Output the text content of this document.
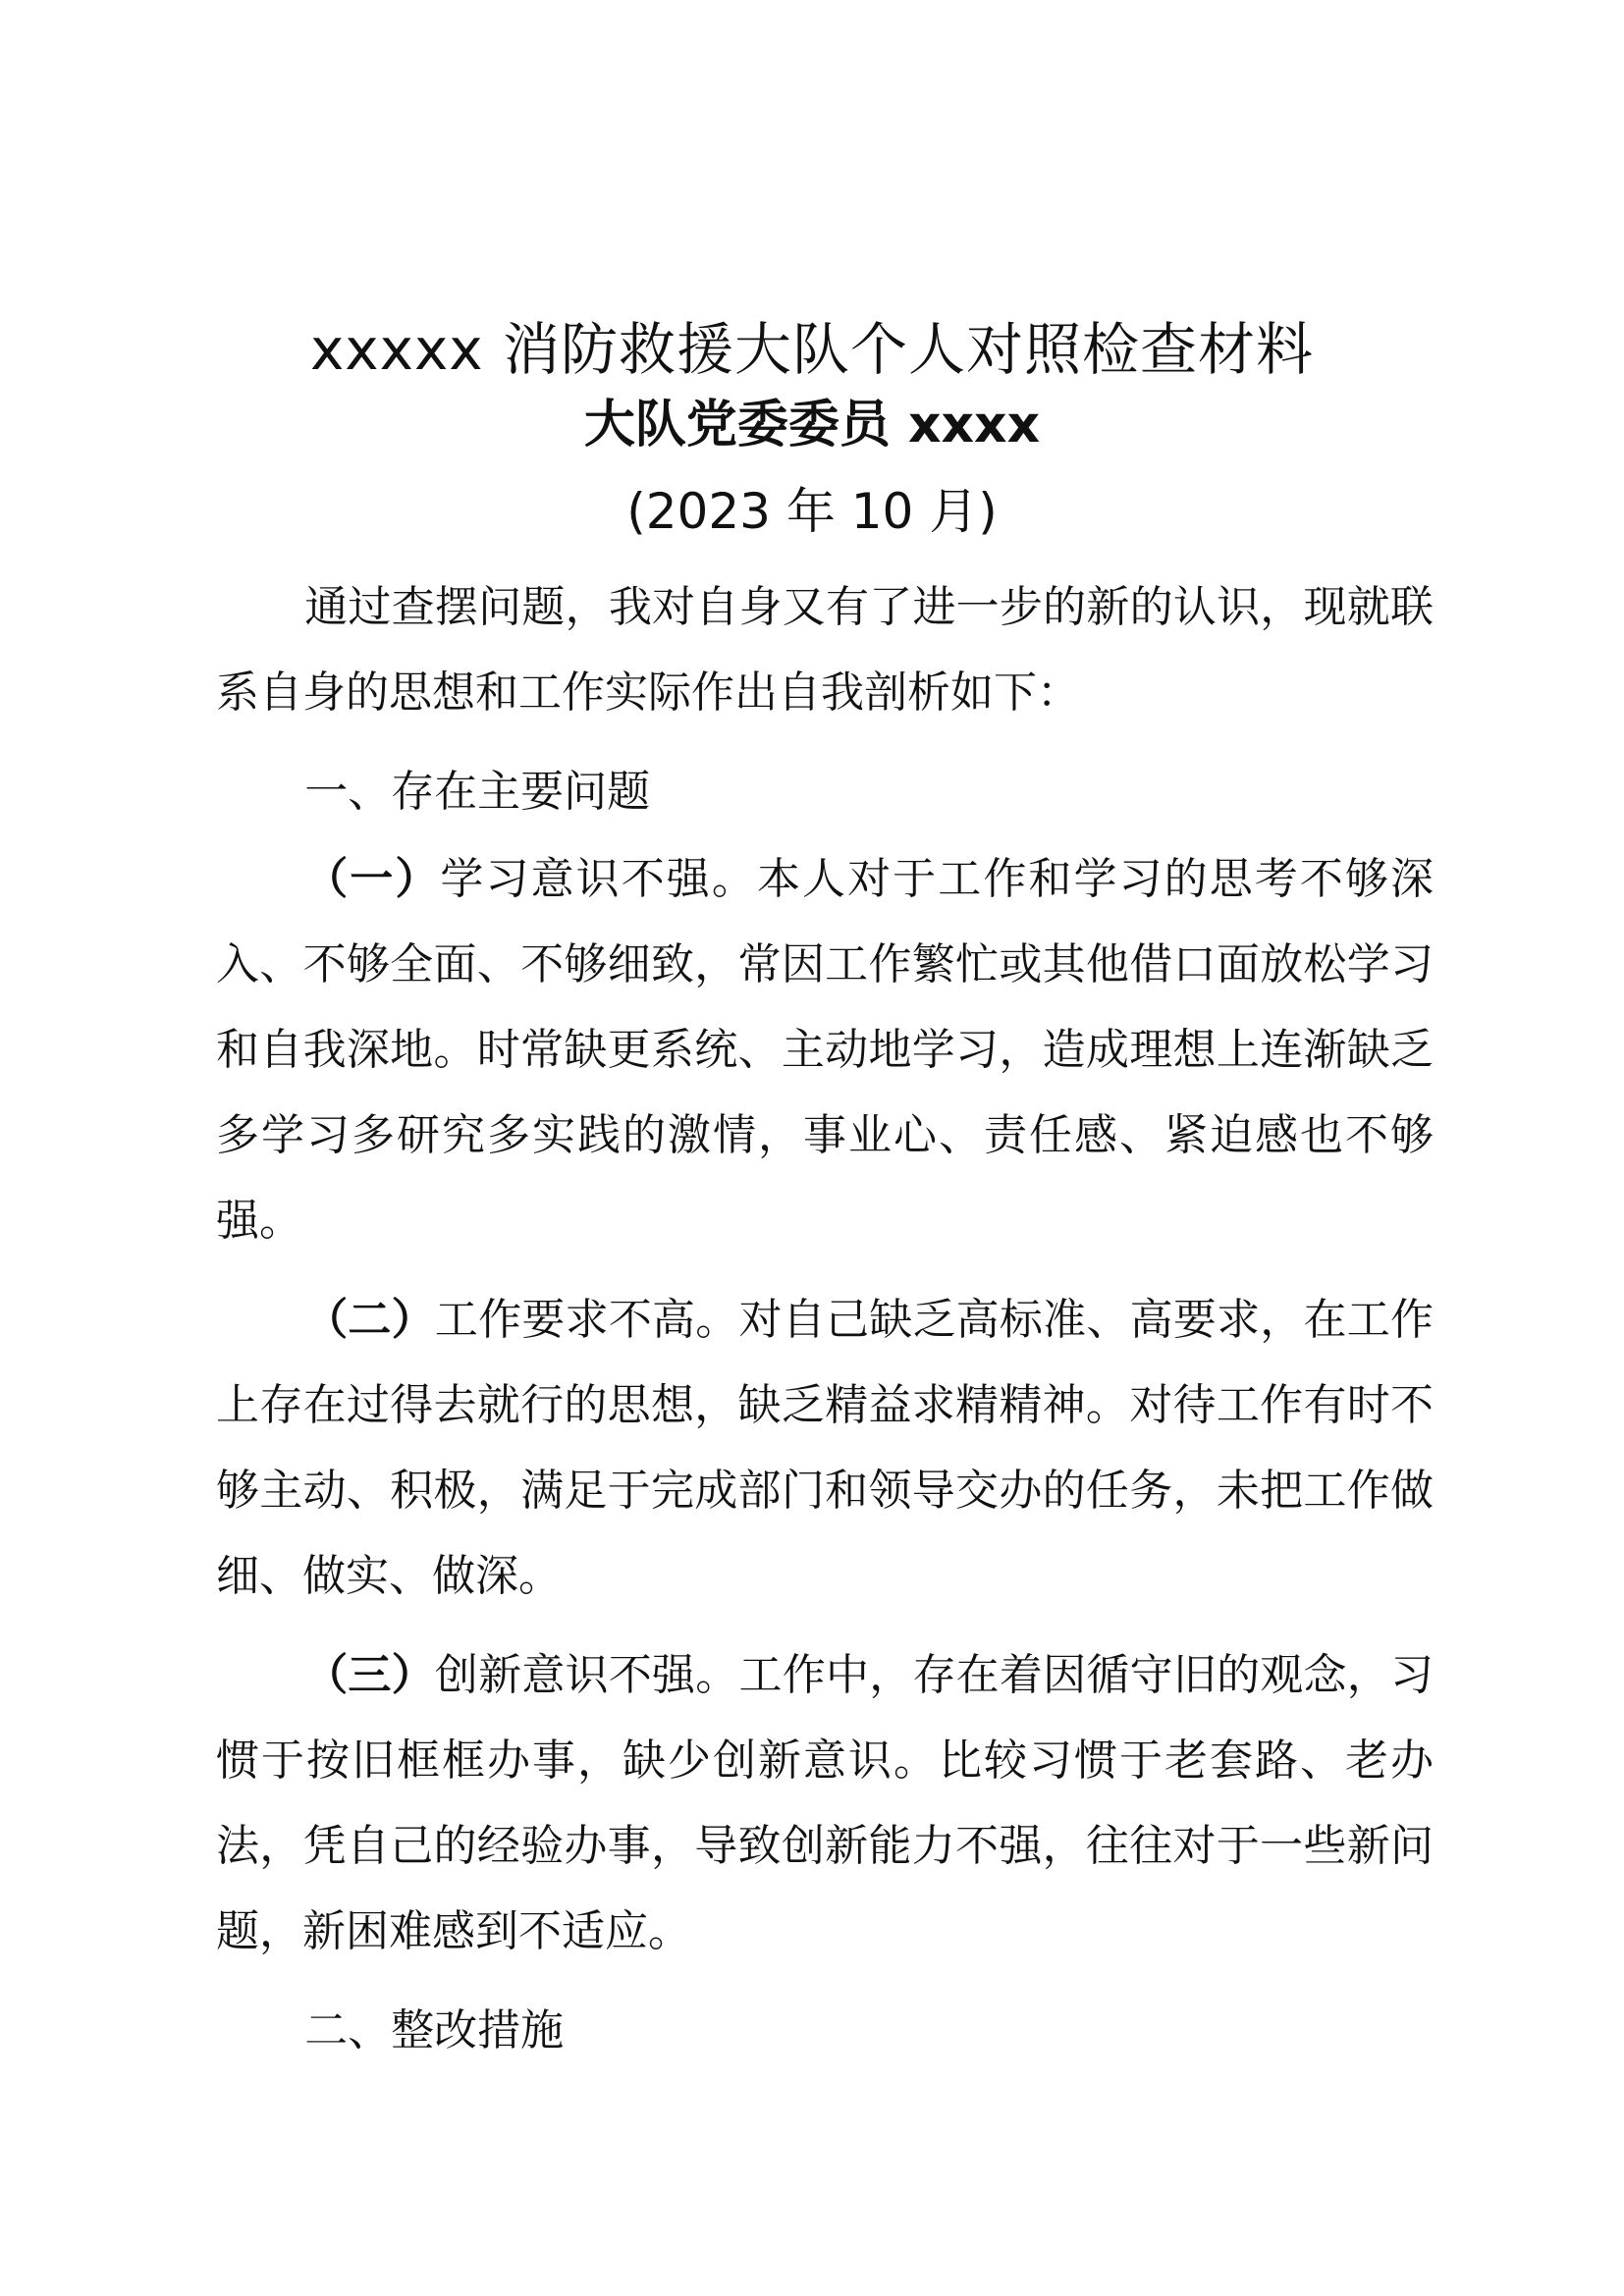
xxxxx 消防救援大队个人对照检查材料
大队党委委员 xxxx
(2023 年 10 月)

通过查摆问题，我对自身又有了进一步的新的认识，现就联系自身的思想和工作实际作出自我剖析如下：

一、存在主要问题

（一）学习意识不强。本人对于工作和学习的思考不够深入、不够全面、不够细致，常因工作繁忙或其他借口面放松学习和自我深地。时常缺更系统、主动地学习，造成理想上连渐缺乏多学习多研究多实践的激情，事业心、责任感、紧迫感也不够强。

（二）工作要求不高。对自己缺乏高标准、高要求，在工作上存在过得去就行的思想，缺乏精益求精精神。对待工作有时不够主动、积极，满足于完成部门和领导交办的任务，未把工作做细、做实、做深。

（三）创新意识不强。工作中，存在着因循守旧的观念，习惯于按旧框框办事，缺少创新意识。比较习惯于老套路、老办法，凭自己的经验办事，导致创新能力不强，往往对于一些新问题，新困难感到不适应。

二、整改措施
